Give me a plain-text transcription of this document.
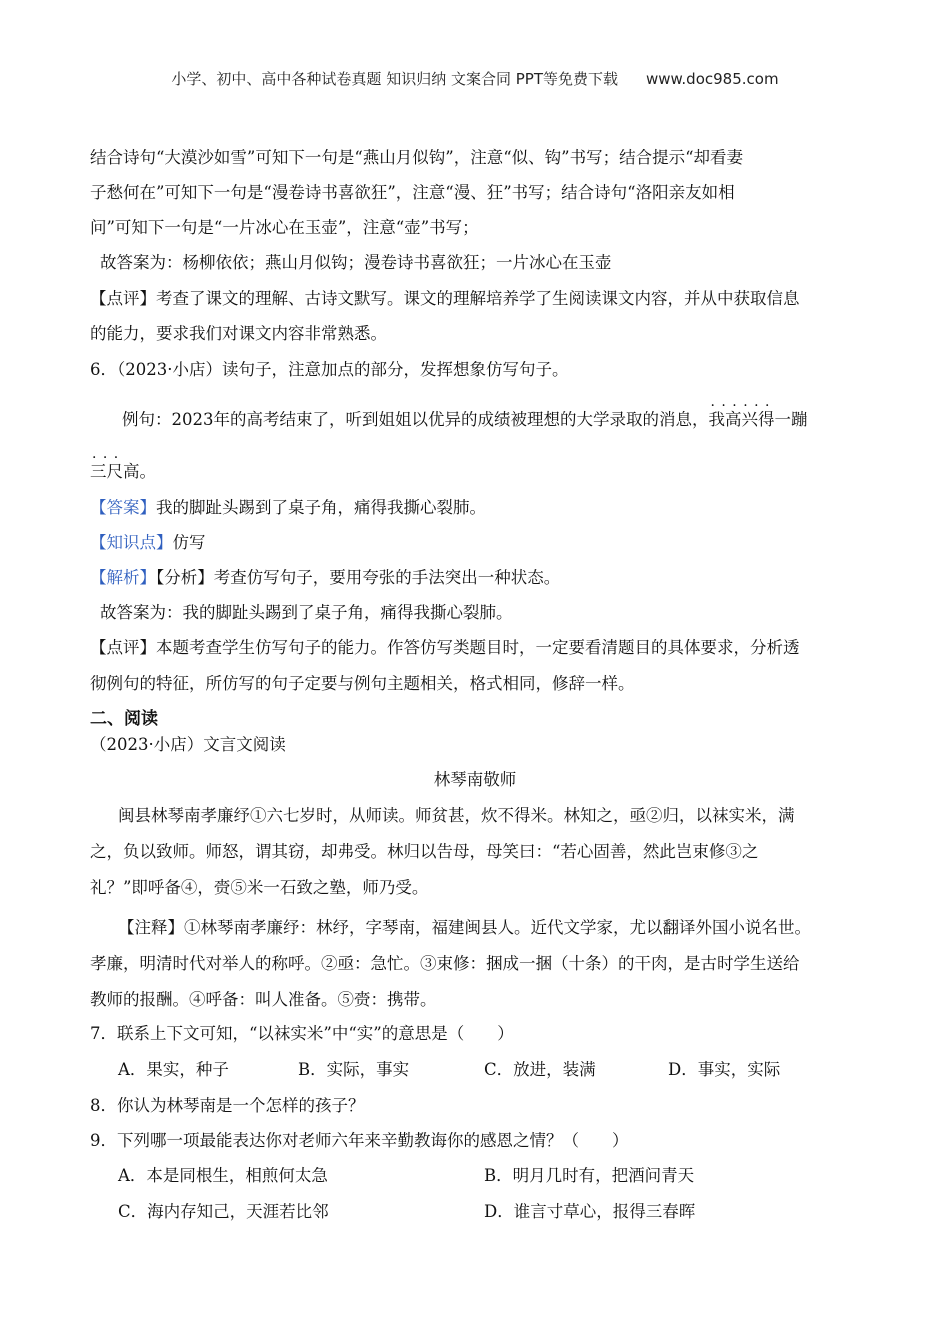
小学、初中、高中各种试卷真题 知识归纳 文案合同 PPT等免费下载 www.doc985.com
结合诗句“大漠沙如雪”可知下一句是“燕山月似钩”，注意“似、钩”书写；结合提示“却看妻
子愁何在”可知下一句是“漫卷诗书喜欲狂”，注意“漫、狂”书写；结合诗句“洛阳亲友如相
问”可知下一句是“一片冰心在玉壶”，注意“壶”书写；
故答案为：杨柳依依；燕山月似钩；漫卷诗书喜欲狂；一片冰心在玉壶
【点评】考查了课文的理解、古诗文默写。课文的理解培养学了生阅读课文内容，并从中获取信息
的能力，要求我们对课文内容非常熟悉。
6．（2023·小店）读句子，注意加点的部分，发挥想象仿写句子。
例句：2023年的高考结束了，听到姐姐以优异的成绩被理想的大学录取的消息，· · · 我高兴得一蹦
· · · 三尺高。
【答案】我的脚趾头踢到了桌子角，痛得我撕心裂肺。
【知识点】仿写
【解析】【分析】考查仿写句子，要用夸张的手法突出一种状态。
故答案为：我的脚趾头踢到了桌子角，痛得我撕心裂肺。
【点评】本题考查学生仿写句子的能力。作答仿写类题目时，一定要看清题目的具体要求，分析透
彻例句的特征，所仿写的句子定要与例句主题相关，格式相同，修辞一样。
二、阅读
（2023·小店）文言文阅读
林琴南敬师
闽县林琴南孝廉纾①六七岁时，从师读。师贫甚，炊不得米。林知之，亟②归，以袜实米，满
之，负以致师。师怒，谓其窃，却弗受。林归以告母，母笑曰：“若心固善，然此岂束修③之
礼？”即呼备④，赍⑤米一石致之塾，师乃受。
【注释】①林琴南孝廉纾：林纾，字琴南，福建闽县人。近代文学家，尤以翻译外国小说名世。
孝廉，明清时代对举人的称呼。②亟：急忙。③束修：捆成一捆（十条）的干肉，是古时学生送给
教师的报酬。④呼备：叫人准备。⑤赍：携带。
7．联系上下文可知，“以袜实米”中“实”的意思是（　　）
A．果实，种子	B．实际，事实	C．放进，装满	D．事实，实际
8．你认为林琴南是一个怎样的孩子？
9．下列哪一项最能表达你对老师六年来辛勤教诲你的感恩之情？（　　）
A．本是同根生，相煎何太急	B．明月几时有，把酒问青天
C．海内存知己，天涯若比邻	D．谁言寸草心，报得三春晖
